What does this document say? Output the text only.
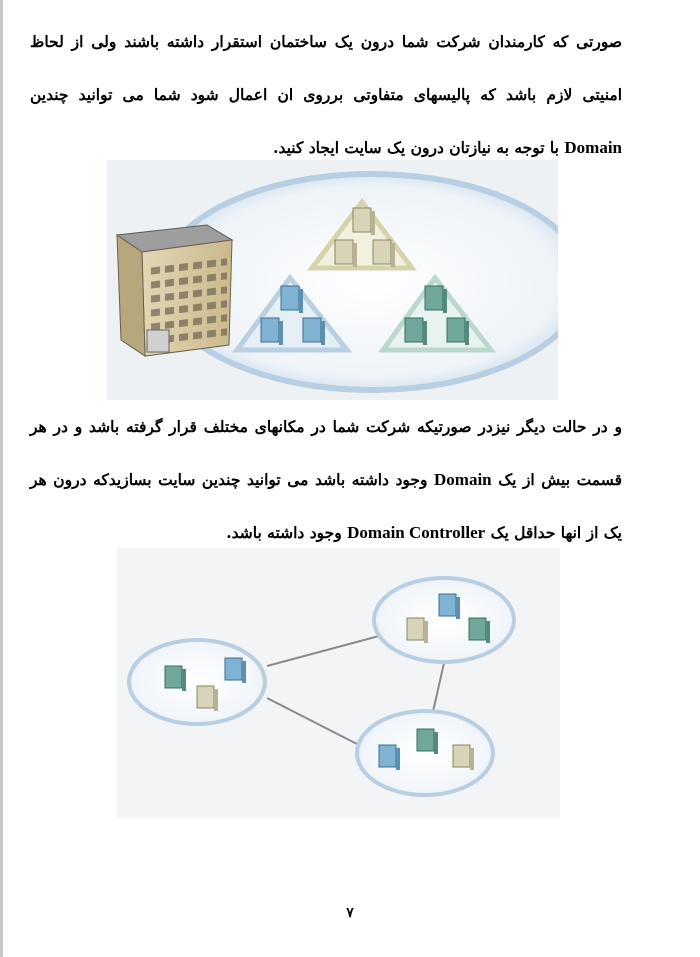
صورتی که کارمندان شرکت شما درون یک ساختمان استقرار داشته باشند ولی از لحاظ امنیتی لازم باشد که پالیسهای متفاوتی برروی ان اعمال شود شما می توانید چندین Domain با توجه به نیازتان درون یک سایت ایجاد کنید.
و در حالت دیگر نیزدر صورتیکه شرکت شما در مکانهای مختلف قرار گرفته باشد و در هر قسمت بیش از یک Domain وجود داشته باشد می توانید چندین سایت بسازیدکه درون هر یک از انها حداقل یک Domain Controller وجود داشته باشد.
۷
